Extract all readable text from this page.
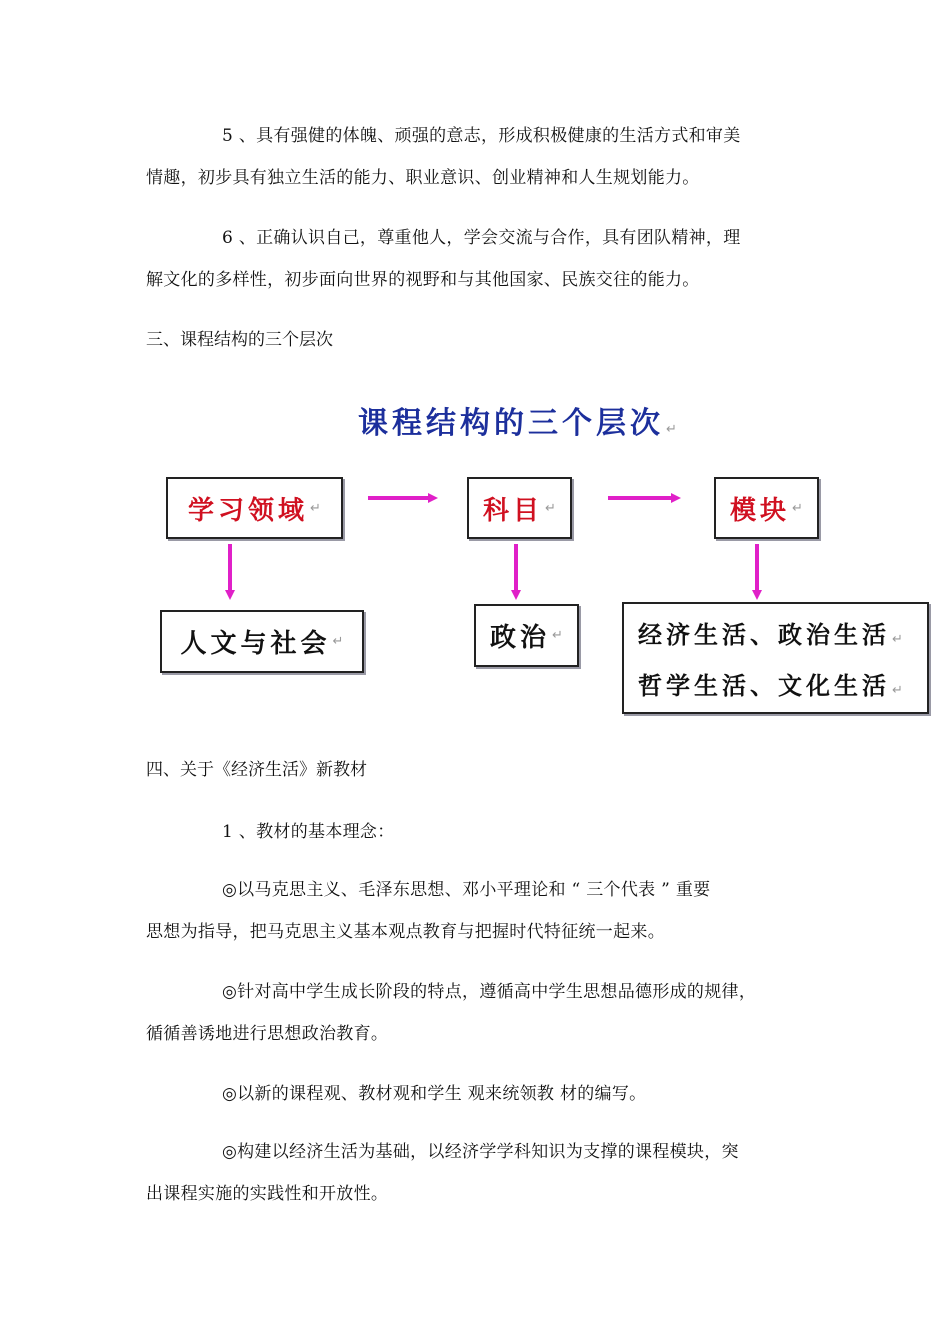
5 、具有强健的体魄、顽强的意志，形成积极健康的生活方式和审美
情趣，初步具有独立生活的能力、职业意识、创业精神和人生规划能力。
6 、正确认识自己，尊重他人，学会交流与合作，具有团队精神，理
解文化的多样性，初步面向世界的视野和与其他国家、民族交往的能力。
三、课程结构的三个层次
课程结构的三个层次 ↵
学习领域 ↵	科目 ↵	模块 ↵
人文与社会 ↵	政治 ↵	经济生活、政治生活 ↵
哲学生活、文化生活 ↵
四、关于《经济生活》新教材
1 、教材的基本理念：
◎以马克思主义、毛泽东思想、邓小平理论和 “ 三个代表 ” 重要
思想为指导，把马克思主义基本观点教育与把握时代特征统一起来。
◎针对高中学生成长阶段的特点，遵循高中学生思想品德形成的规律，
循循善诱地进行思想政治教育。
◎以新的课程观、教材观和学生 观来统领教 材的编写。
◎构建以经济生活为基础，以经济学学科知识为支撑的课程模块，突
出课程实施的实践性和开放性。
